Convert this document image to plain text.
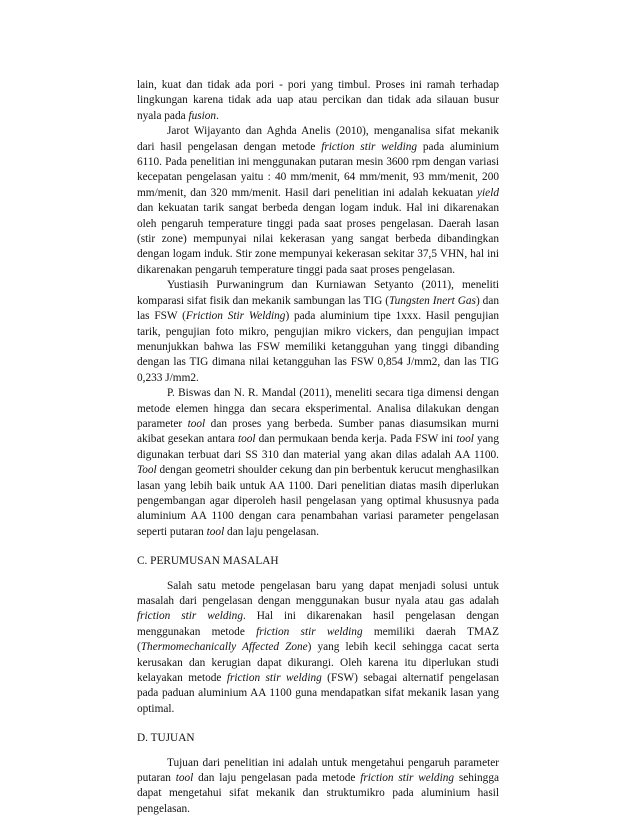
lain, kuat dan tidak ada pori - pori yang timbul. Proses ini ramah terhadap lingkungan karena tidak ada uap atau percikan dan tidak ada silauan busur nyala pada fusion.

Jarot Wijayanto dan Aghda Anelis (2010), menganalisa sifat mekanik dari hasil pengelasan dengan metode friction stir welding pada aluminium 6110. Pada penelitian ini menggunakan putaran mesin 3600 rpm dengan variasi kecepatan pengelasan yaitu : 40 mm/menit, 64 mm/menit, 93 mm/menit, 200 mm/menit, dan 320 mm/menit. Hasil dari penelitian ini adalah kekuatan yield dan kekuatan tarik sangat berbeda dengan logam induk. Hal ini dikarenakan oleh pengaruh temperature tinggi pada saat proses pengelasan. Daerah lasan (stir zone) mempunyai nilai kekerasan yang sangat berbeda dibandingkan dengan logam induk. Stir zone mempunyai kekerasan sekitar 37,5 VHN, hal ini dikarenakan pengaruh temperature tinggi pada saat proses pengelasan.

Yustiasih Purwaningrum dan Kurniawan Setyanto (2011), meneliti komparasi sifat fisik dan mekanik sambungan las TIG (Tungsten Inert Gas) dan las FSW (Friction Stir Welding) pada aluminium tipe 1xxx. Hasil pengujian tarik, pengujian foto mikro, pengujian mikro vickers, dan pengujian impact menunjukkan bahwa las FSW memiliki ketangguhan yang tinggi dibanding dengan las TIG dimana nilai ketangguhan las FSW 0,854 J/mm2, dan las TIG 0,233 J/mm2.

P. Biswas dan N. R. Mandal (2011), meneliti secara tiga dimensi dengan metode elemen hingga dan secara eksperimental. Analisa dilakukan dengan parameter tool dan proses yang berbeda. Sumber panas diasumsikan murni akibat gesekan antara tool dan permukaan benda kerja. Pada FSW ini tool yang digunakan terbuat dari SS 310 dan material yang akan dilas adalah AA 1100. Tool dengan geometri shoulder cekung dan pin berbentuk kerucut menghasilkan lasan yang lebih baik untuk AA 1100. Dari penelitian diatas masih diperlukan pengembangan agar diperoleh hasil pengelasan yang optimal khususnya pada aluminium AA 1100 dengan cara penambahan variasi parameter pengelasan seperti putaran tool dan laju pengelasan.

C. PERUMUSAN MASALAH

Salah satu metode pengelasan baru yang dapat menjadi solusi untuk masalah dari pengelasan dengan menggunakan busur nyala atau gas adalah friction stir welding. Hal ini dikarenakan hasil pengelasan dengan menggunakan metode friction stir welding memiliki daerah TMAZ (Thermomechanically Affected Zone) yang lebih kecil sehingga cacat serta kerusakan dan kerugian dapat dikurangi. Oleh karena itu diperlukan studi kelayakan metode friction stir welding (FSW) sebagai alternatif pengelasan pada paduan aluminium AA 1100 guna mendapatkan sifat mekanik lasan yang optimal.

D. TUJUAN

Tujuan dari penelitian ini adalah untuk mengetahui pengaruh parameter putaran tool dan laju pengelasan pada metode friction stir welding sehingga dapat mengetahui sifat mekanik dan struktumikro pada aluminium hasil pengelasan.
